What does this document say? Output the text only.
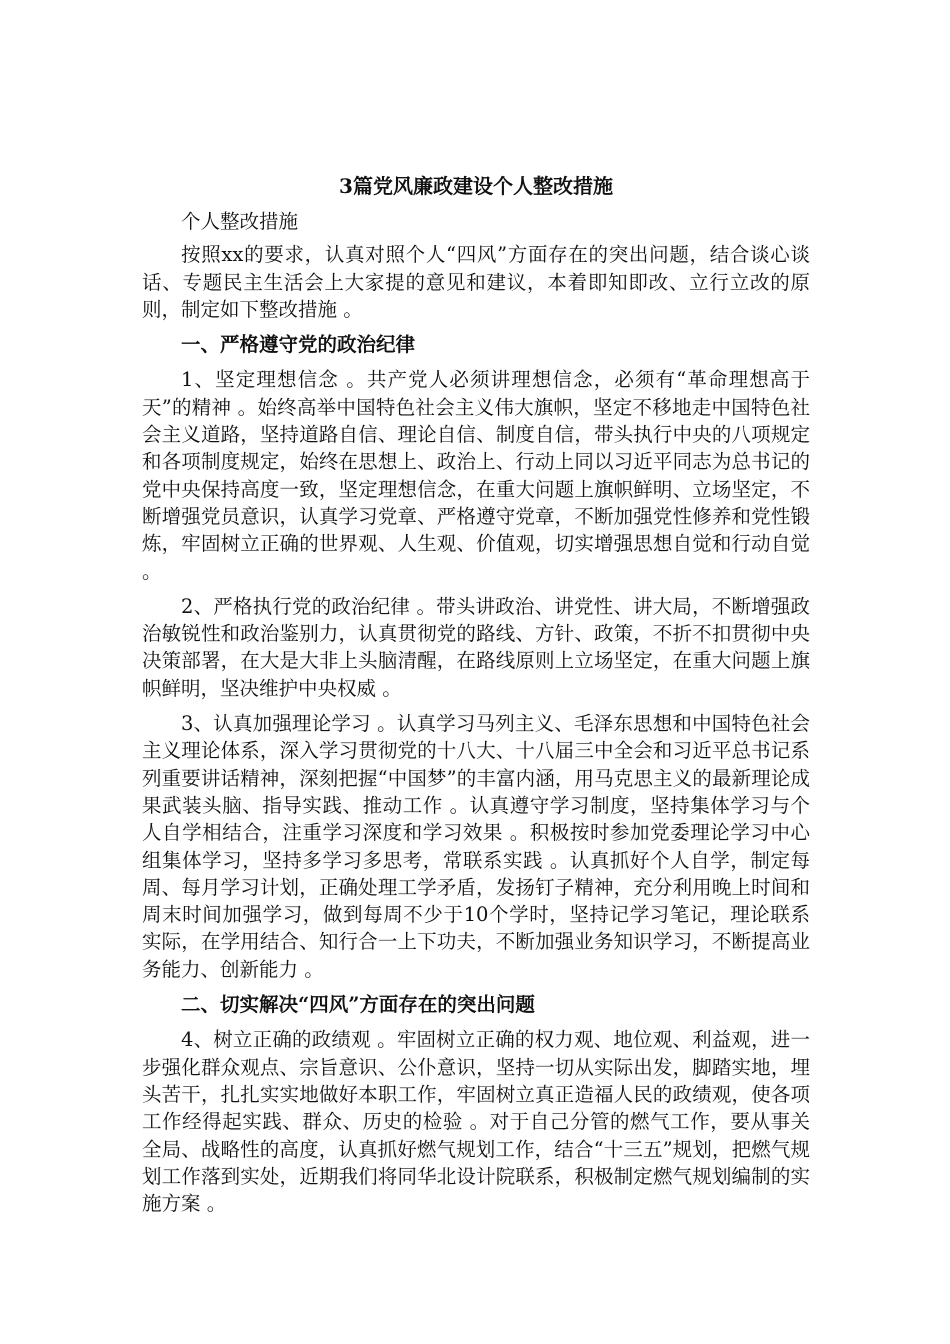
3篇党风廉政建设个人整改措施
个人整改措施
按照xx的要求，认真对照个人“四风”方面存在的突出问题，结合谈心谈话、专题民主生活会上大家提的意见和建议，本着即知即改、立行立改的原则，制定如下整改措施 。
一、严格遵守党的政治纪律
1、坚定理想信念 。共产党人必须讲理想信念，必须有“革命理想高于天”的精神 。始终高举中国特色社会主义伟大旗帜，坚定不移地走中国特色社会主义道路，坚持道路自信、理论自信、制度自信，带头执行中央的八项规定和各项制度规定，始终在思想上、政治上、行动上同以习近平同志为总书记的党中央保持高度一致，坚定理想信念，在重大问题上旗帜鲜明、立场坚定，不断增强党员意识，认真学习党章、严格遵守党章，不断加强党性修养和党性锻炼，牢固树立正确的世界观、人生观、价值观，切实增强思想自觉和行动自觉 。
2、严格执行党的政治纪律 。带头讲政治、讲党性、讲大局，不断增强政治敏锐性和政治鉴别力，认真贯彻党的路线、方针、政策，不折不扣贯彻中央决策部署，在大是大非上头脑清醒，在路线原则上立场坚定，在重大问题上旗帜鲜明，坚决维护中央权威 。
3、认真加强理论学习 。认真学习马列主义、毛泽东思想和中国特色社会主义理论体系，深入学习贯彻党的十八大、十八届三中全会和习近平总书记系列重要讲话精神，深刻把握“中国梦”的丰富内涵，用马克思主义的最新理论成果武装头脑、指导实践、推动工作 。认真遵守学习制度，坚持集体学习与个人自学相结合，注重学习深度和学习效果 。积极按时参加党委理论学习中心组集体学习，坚持多学习多思考，常联系实践 。认真抓好个人自学，制定每周、每月学习计划，正确处理工学矛盾，发扬钉子精神，充分利用晚上时间和周末时间加强学习，做到每周不少于10个学时，坚持记学习笔记，理论联系实际，在学用结合、知行合一上下功夫，不断加强业务知识学习，不断提高业务能力、创新能力 。
二、切实解决“四风”方面存在的突出问题
4、树立正确的政绩观 。牢固树立正确的权力观、地位观、利益观，进一步强化群众观点、宗旨意识、公仆意识，坚持一切从实际出发，脚踏实地，埋头苦干，扎扎实实地做好本职工作，牢固树立真正造福人民的政绩观，使各项工作经得起实践、群众、历史的检验 。对于自己分管的燃气工作，要从事关全局、战略性的高度，认真抓好燃气规划工作，结合“十三五”规划，把燃气规划工作落到实处，近期我们将同华北设计院联系，积极制定燃气规划编制的实施方案 。
